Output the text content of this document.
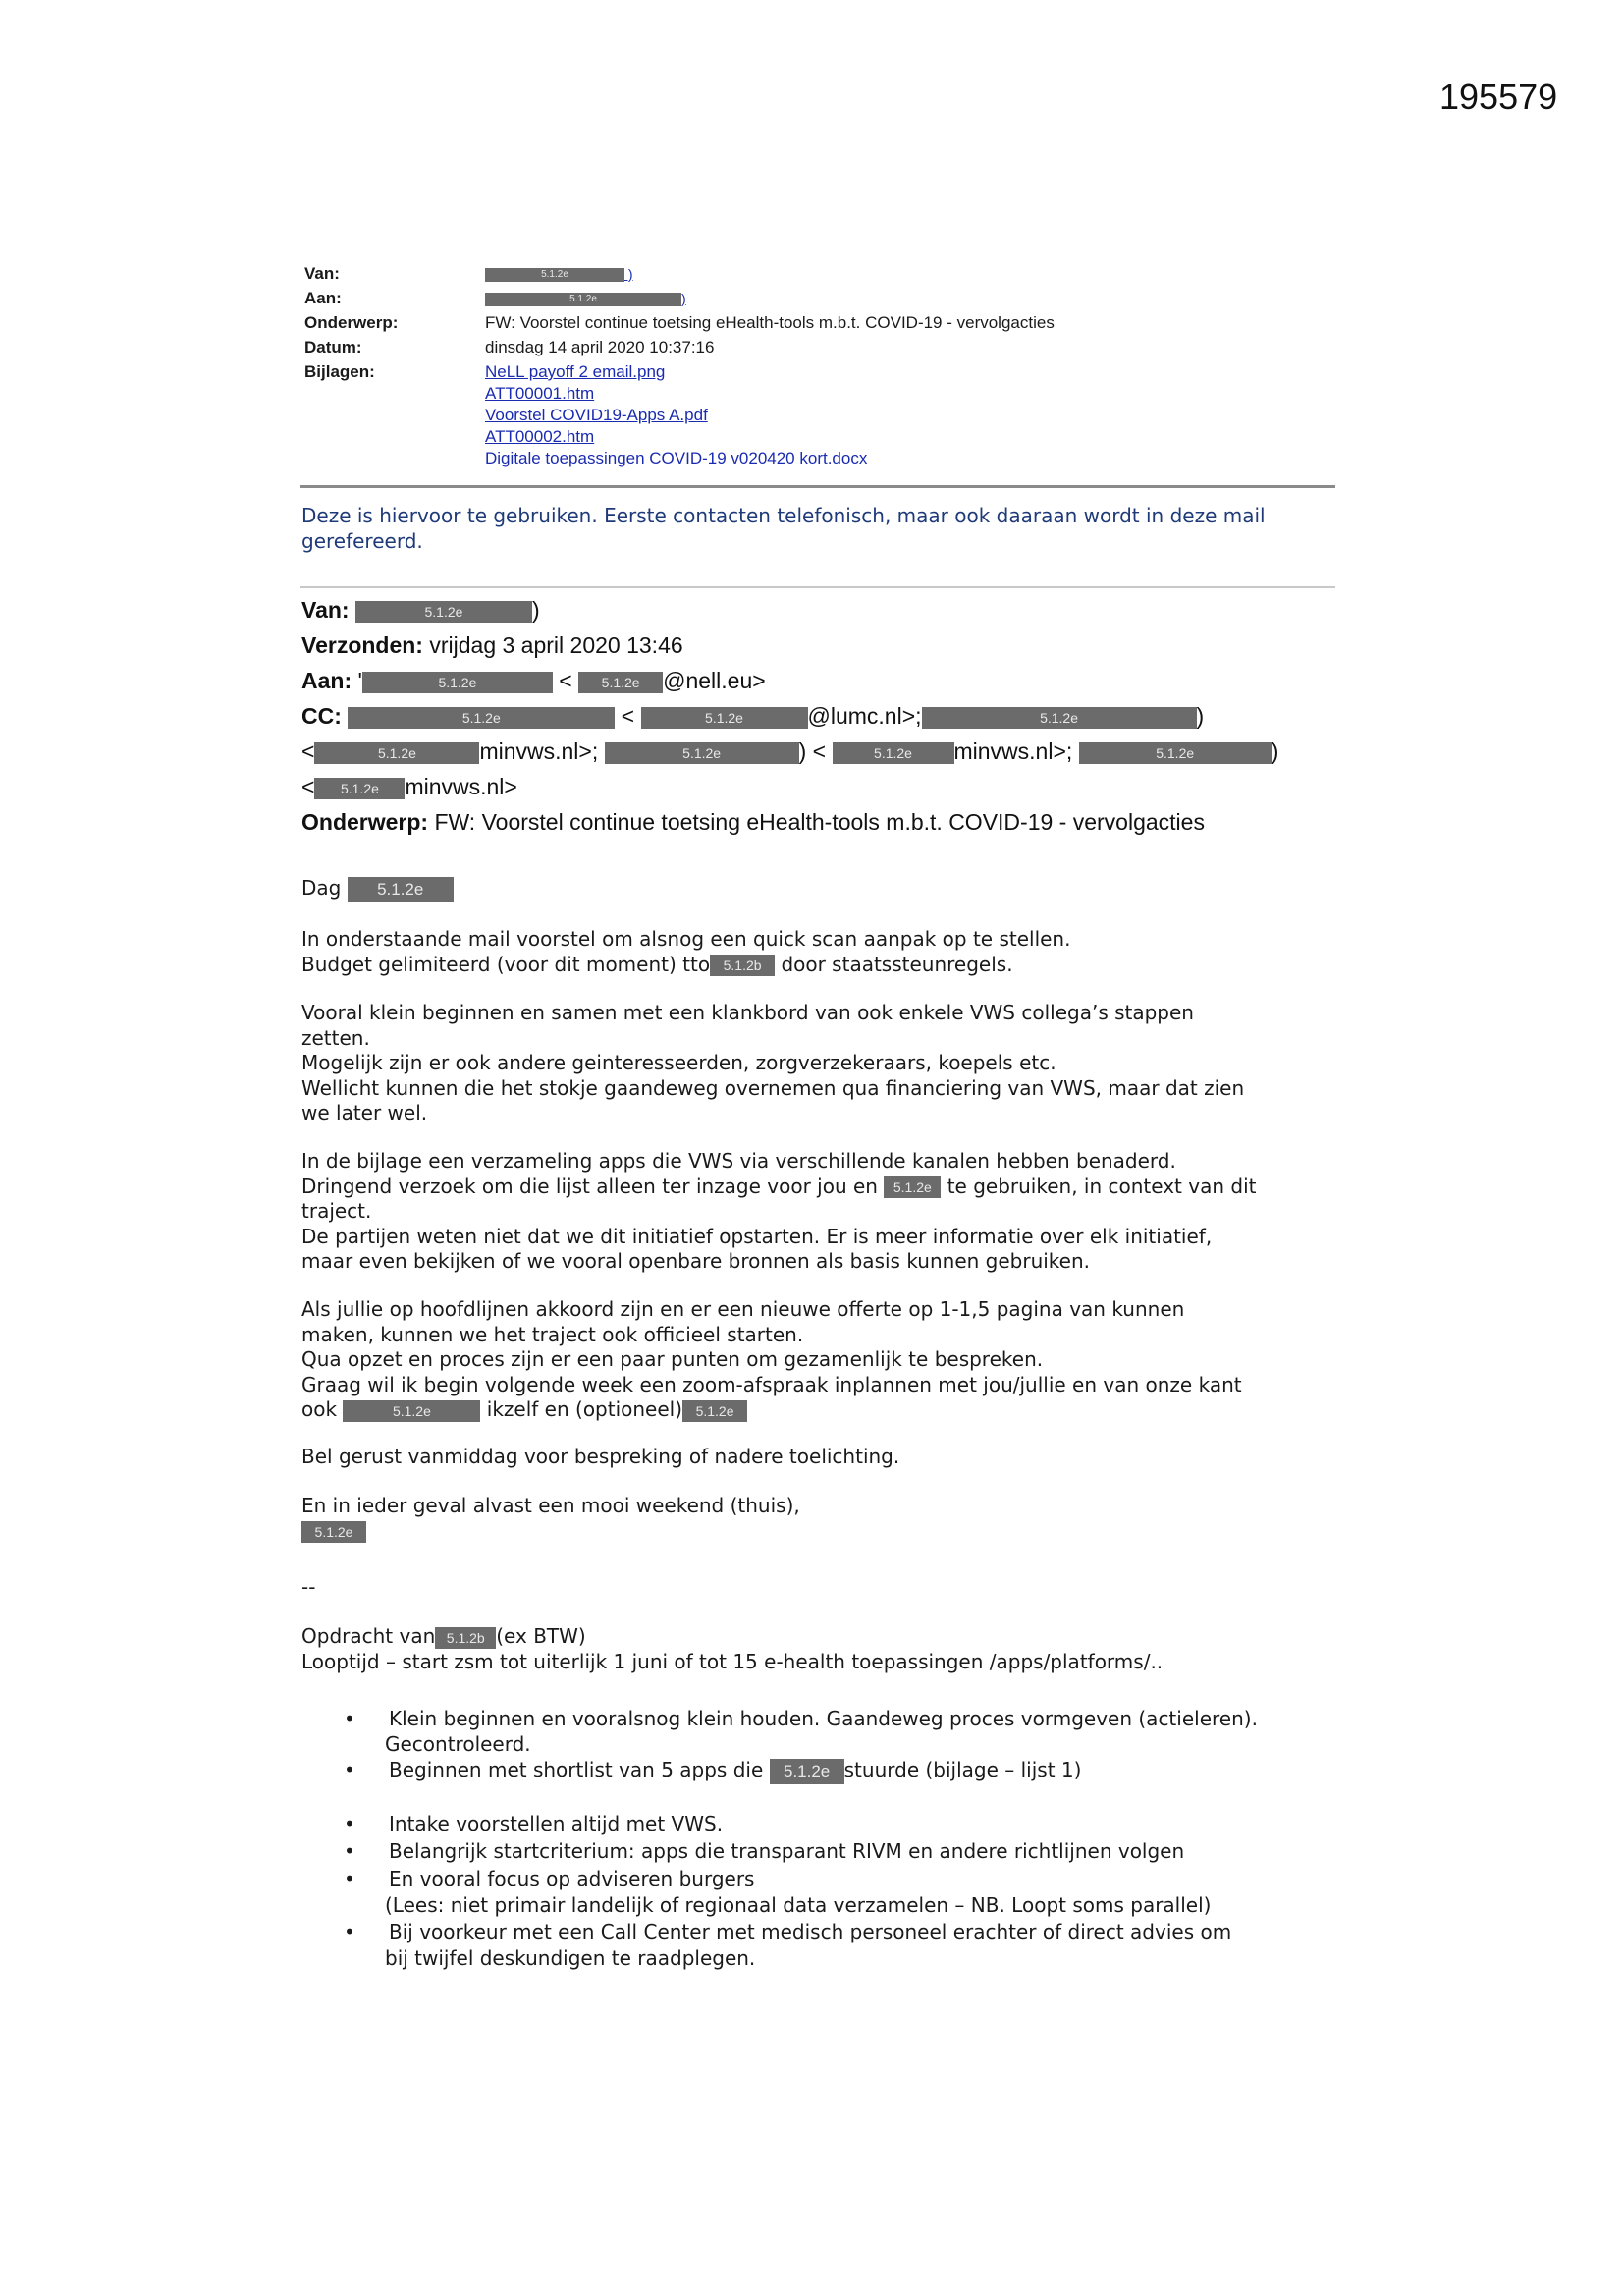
195579
Van:	5.1.2e	)
Aan:	5.1.2e	)
Onderwerp:	FW: Voorstel continue toetsing eHealth-tools m.b.t. COVID-19 - vervolgacties
Datum:	dinsdag 14 april 2020 10:37:16
Bijlagen:	NeLL payoff 2 email.png
ATT00001.htm
Voorstel COVID19-Apps A.pdf
ATT00002.htm
Digitale toepassingen COVID-19 v020420 kort.docx
Deze is hiervoor te gebruiken. Eerste contacten telefonisch, maar ook daaraan wordt in deze mail gerefereerd.
Van:	5.1.2e	)
Verzonden: vrijdag 3 april 2020 13:46
Aan: '	5.1.2e	< 5.1.2e @nell.eu>
CC:	5.1.2e	<	5.1.2e	@lumc.nl>;	5.1.2e	)
<	5.1.2e	minvws.nl>;	5.1.2e	) <	5.1.2e minvws.nl>;	5.1.2e	)
< 5.1.2e minvws.nl>
Onderwerp: FW: Voorstel continue toetsing eHealth-tools m.b.t. COVID-19 - vervolgacties
Dag 5.1.2e
In onderstaande mail voorstel om alsnog een quick scan aanpak op te stellen.
Budget gelimiteerd (voor dit moment) tto 5.1.2b door staatssteunregels.
Vooral klein beginnen en samen met een klankbord van ook enkele VWS collega’s stappen
zetten.
Mogelijk zijn er ook andere geinteresseerden, zorgverzekeraars, koepels etc.
Wellicht kunnen die het stokje gaandeweg overnemen qua financiering van VWS, maar dat zien
we later wel.
In de bijlage een verzameling apps die VWS via verschillende kanalen hebben benaderd.
Dringend verzoek om die lijst alleen ter inzage voor jou en 5.1.2e te gebruiken, in context van dit
traject.
De partijen weten niet dat we dit initiatief opstarten. Er is meer informatie over elk initiatief,
maar even bekijken of we vooral openbare bronnen als basis kunnen gebruiken.
Als jullie op hoofdlijnen akkoord zijn en er een nieuwe offerte op 1-1,5 pagina van kunnen
maken, kunnen we het traject ook officieel starten.
Qua opzet en proces zijn er een paar punten om gezamenlijk te bespreken.
Graag wil ik begin volgende week een zoom-afspraak inplannen met jou/jullie en van onze kant
ook	5.1.2e	ikzelf en (optioneel) 5.1.2e
Bel gerust vanmiddag voor bespreking of nadere toelichting.
En in ieder geval alvast een mooi weekend (thuis),
5.1.2e
--
Opdracht van 5.1.2b (ex BTW)
Looptijd – start zsm tot uiterlijk 1 juni of tot 15 e-health toepassingen /apps/platforms/..
• Klein beginnen en vooralsnog klein houden. Gaandeweg proces vormgeven (actieleren).
Gecontroleerd.
• Beginnen met shortlist van 5 apps die 5.1.2e stuurde (bijlage – lijst 1)
• Intake voorstellen altijd met VWS.
• Belangrijk startcriterium: apps die transparant RIVM en andere richtlijnen volgen
• En vooral focus op adviseren burgers
(Lees: niet primair landelijk of regionaal data verzamelen – NB. Loopt soms parallel)
• Bij voorkeur met een Call Center met medisch personeel erachter of direct advies om
bij twijfel deskundigen te raadplegen.
